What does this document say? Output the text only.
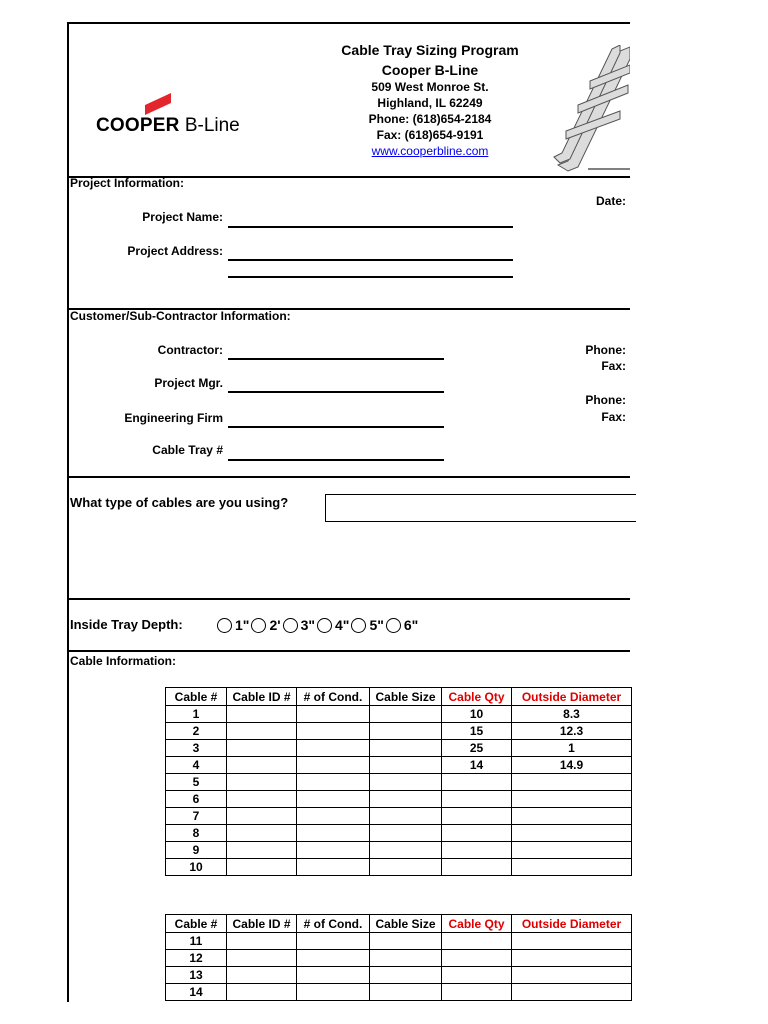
Cable Tray Sizing Program
Cooper B-Line
509 West Monroe St.
Highland, IL 62249
Phone: (618)654-2184
Fax: (618)654-9191
www.cooperbline.com
COOPER B-Line
Project Information:
Date:
Project Name:
Project Address:
Customer/Sub-Contractor Information:
Contractor:
Project Mgr.
Engineering Firm
Cable Tray #
Phone:
Fax:
Phone:
Fax:
What type of cables are you using?
Inside Tray Depth:	1" 2' 3" 4" 5" 6"
Cable Information:
Cable #	Cable ID #	# of Cond.	Cable Size	Cable Qty	Outside Diameter
1				10	8.3
2				15	12.3
3				25	1
4				14	14.9
5					
6					
7					
8					
9					
10					
Cable #	Cable ID #	# of Cond.	Cable Size	Cable Qty	Outside Diameter
11					
12					
13					
14					
